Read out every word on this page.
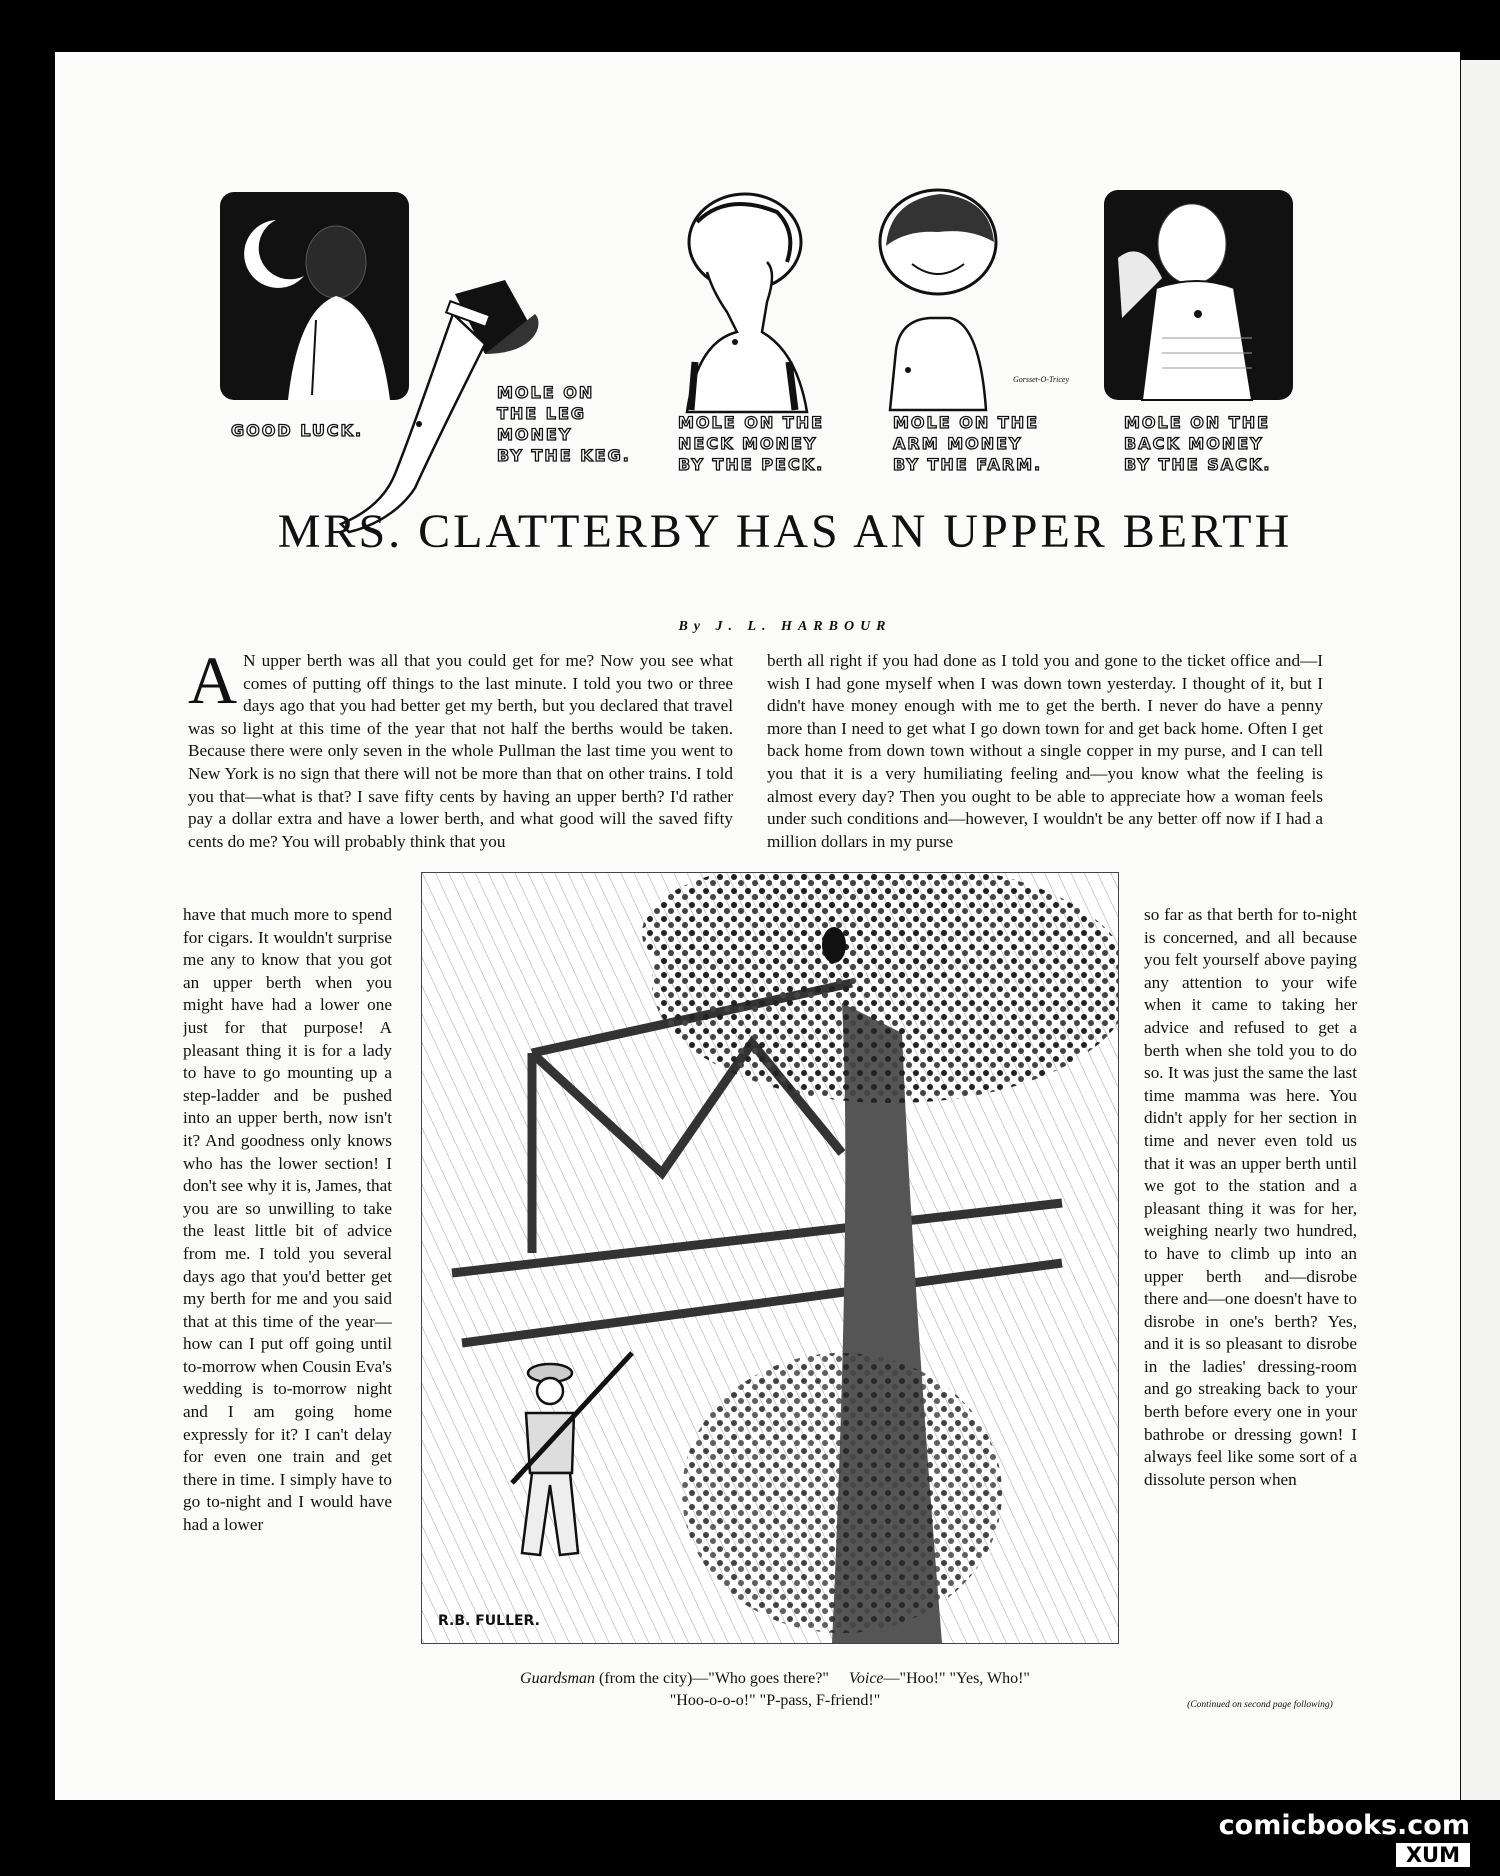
GOOD LUCK.
MOLE ON
THE LEG
MONEY
BY THE KEG.
MOLE ON THE
NECK MONEY
BY THE PECK.
MOLE ON THE
ARM MONEY
BY THE FARM.
Gorsset-O-Tricey
MOLE ON THE
BACK MONEY
BY THE SACK.
MRS. CLATTERBY HAS AN UPPER BERTH
By J. L. HARBOUR
A N upper berth was all that you could get for me? Now you see what comes of putting off things to the last minute. I told you two or three days ago that you had better get my berth, but you declared that travel was so light at this time of the year that not half the berths would be taken. Because there were only seven in the whole Pullman the last time you went to New York is no sign that there will not be more than that on other trains. I told you that—what is that? I save fifty cents by having an upper berth? I'd rather pay a dollar extra and have a lower berth, and what good will the saved fifty cents do me? You will probably think that you
berth all right if you had done as I told you and gone to the ticket office and—I wish I had gone myself when I was down town yesterday. I thought of it, but I didn't have money enough with me to get the berth. I never do have a penny more than I need to get what I go down town for and get back home. Often I get back home from down town without a single copper in my purse, and I can tell you that it is a very humiliating feeling and—you know what the feeling is almost every day? Then you ought to be able to appreciate how a woman feels under such conditions and—however, I wouldn't be any better off now if I had a million dollars in my purse
have that much more to spend for cigars. It wouldn't surprise me any to know that you got an upper berth when you might have had a lower one just for that purpose! A pleasant thing it is for a lady to have to go mounting up a step-ladder and be pushed into an upper berth, now isn't it? And goodness only knows who has the lower section! I don't see why it is, James, that you are so unwilling to take the least little bit of advice from me. I told you several days ago that you'd better get my berth for me and you said that at this time of the year—how can I put off going until to-morrow when Cousin Eva's wedding is to-morrow night and I am going home expressly for it? I can't delay for even one train and get there in time. I simply have to go to-night and I would have had a lower
so far as that berth for to-night is concerned, and all because you felt yourself above paying any attention to your wife when it came to taking her advice and refused to get a berth when she told you to do so. It was just the same the last time mamma was here. You didn't apply for her section in time and never even told us that it was an upper berth until we got to the station and a pleasant thing it was for her, weighing nearly two hundred, to have to climb up into an upper berth and—disrobe there and—one doesn't have to disrobe in one's berth? Yes, and it is so pleasant to disrobe in the ladies' dressing-room and go streaking back to your berth before every one in your bathrobe or dressing gown! I always feel like some sort of a dissolute person when
R.B. FULLER.
Guardsman (from the city)—"Who goes there?" Voice—"Hoo!" "Yes, Who!"
"Hoo-o-o-o!" "P-pass, F-friend!"	(Continued on second page following)
comicbooks.com
XUM
